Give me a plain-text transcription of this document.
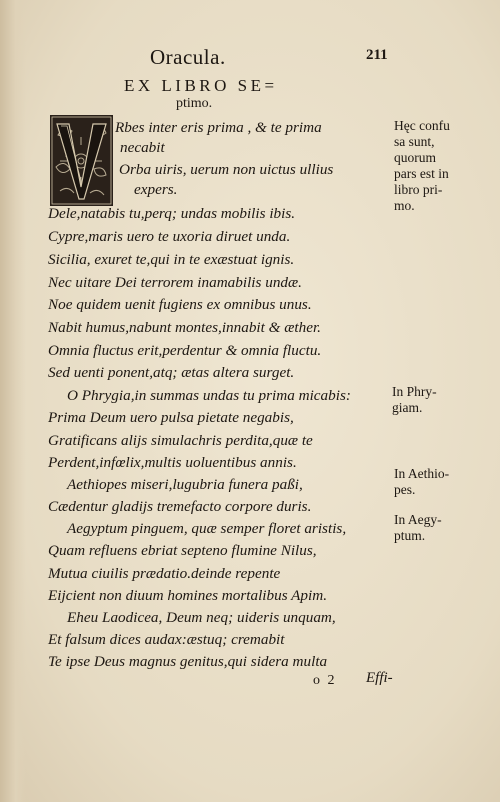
Oracula.	211
EX LIBRO SE=
ptimo.
Rbes inter eris prima , & te prima
necabit
Orba uiris, uerum non uictus ullius
expers.
Dele,natabis tu,perq; undas mobilis ibis.
Cypre,maris uero te uxoria diruet unda.
Sicilia, exuret te,qui in te exæstuat ignis.
Nec uitare Dei terrorem inamabilis undæ.
Noe quidem uenit fugiens ex omnibus unus.
Nabit humus,nabunt montes,innabit & æther.
Omnia fluctus erit,perdentur & omnia fluctu.
Sed uenti ponent,atq; ætas altera surget.
O Phrygia,in summas undas tu prima micabis:
Prima Deum uero pulsa pietate negabis,
Gratificans alijs simulachris perdita,quæ te
Perdent,infœlix,multis uoluentibus annis.
Aethiopes miseri,lugubria funera paßi,
Cædentur gladijs tremefacto corpore duris.
Aegyptum pinguem, quæ semper floret aristis,
Quam refluens ebriat septeno flumine Nilus,
Mutua ciuilis prædatio.deinde repente
Eijcient non diuum homines mortalibus Apim.
Eheu Laodicea, Deum neq; uideris unquam,
Et falsum dices audax:æstuq; cremabit
Te ipse Deus magnus genitus,qui sidera multa
Hęc confu
sa sunt,
quorum
pars est in
libro pri-
mo.
In Phry-
giam.
In Aethio-
pes.
In Aegy-
ptum.
o 2 Effi-
